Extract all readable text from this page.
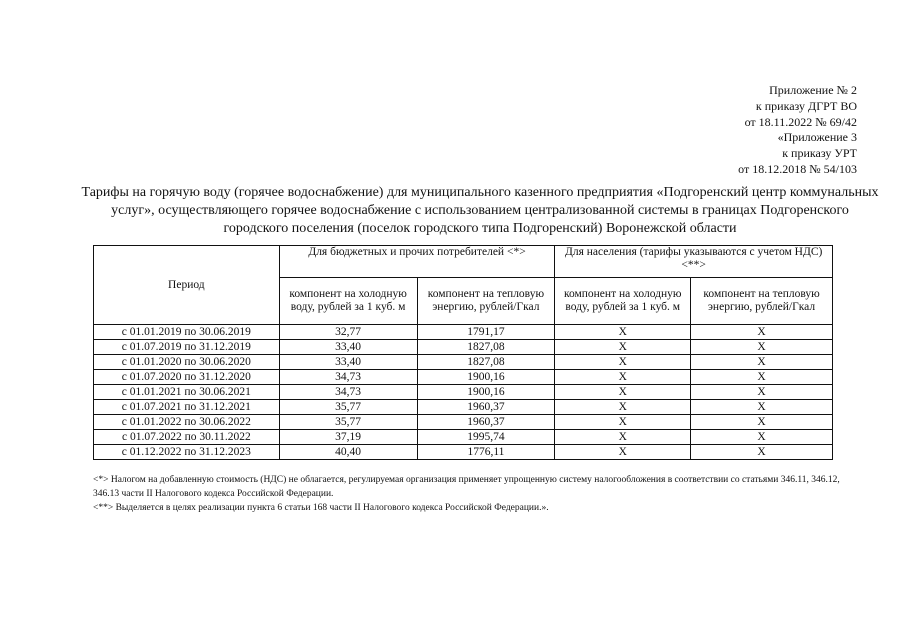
Приложение № 2
к приказу ДГРТ ВО
от 18.11.2022 № 69/42
«Приложение 3
к приказу УРТ
от 18.12.2018 № 54/103
Тарифы на горячую воду (горячее водоснабжение) для муниципального казенного предприятия «Подгоренский центр коммунальных услуг», осуществляющего горячее водоснабжение с использованием централизованной системы в границах Подгоренского городского поселения (поселок городского типа Подгоренский) Воронежской области
Период	Для бюджетных и прочих потребителей <*>		Для населения (тарифы указываются с учетом НДС) <**>	
	компонент на холодную воду, рублей за 1 куб. м	компонент на тепловую энергию, рублей/Гкал	компонент на холодную воду, рублей за 1 куб. м	компонент на тепловую энергию, рублей/Гкал
с 01.01.2019 по 30.06.2019	32,77	1791,17	Х	Х
с 01.07.2019 по 31.12.2019	33,40	1827,08	Х	Х
с 01.01.2020 по 30.06.2020	33,40	1827,08	Х	Х
с 01.07.2020 по 31.12.2020	34,73	1900,16	Х	Х
с 01.01.2021 по 30.06.2021	34,73	1900,16	Х	Х
с 01.07.2021 по 31.12.2021	35,77	1960,37	Х	Х
с 01.01.2022 по 30.06.2022	35,77	1960,37	Х	Х
с 01.07.2022 по 30.11.2022	37,19	1995,74	Х	Х
с 01.12.2022 по 31.12.2023	40,40	1776,11	Х	Х
<*> Налогом на добавленную стоимость (НДС) не облагается, регулируемая организация применяет упрощенную систему налогообложения в соответствии со статьями 346.11, 346.12, 346.13 части II Налогового кодекса Российской Федерации.
<**> Выделяется в целях реализации пункта 6 статьи 168 части II Налогового кодекса Российской Федерации.».
